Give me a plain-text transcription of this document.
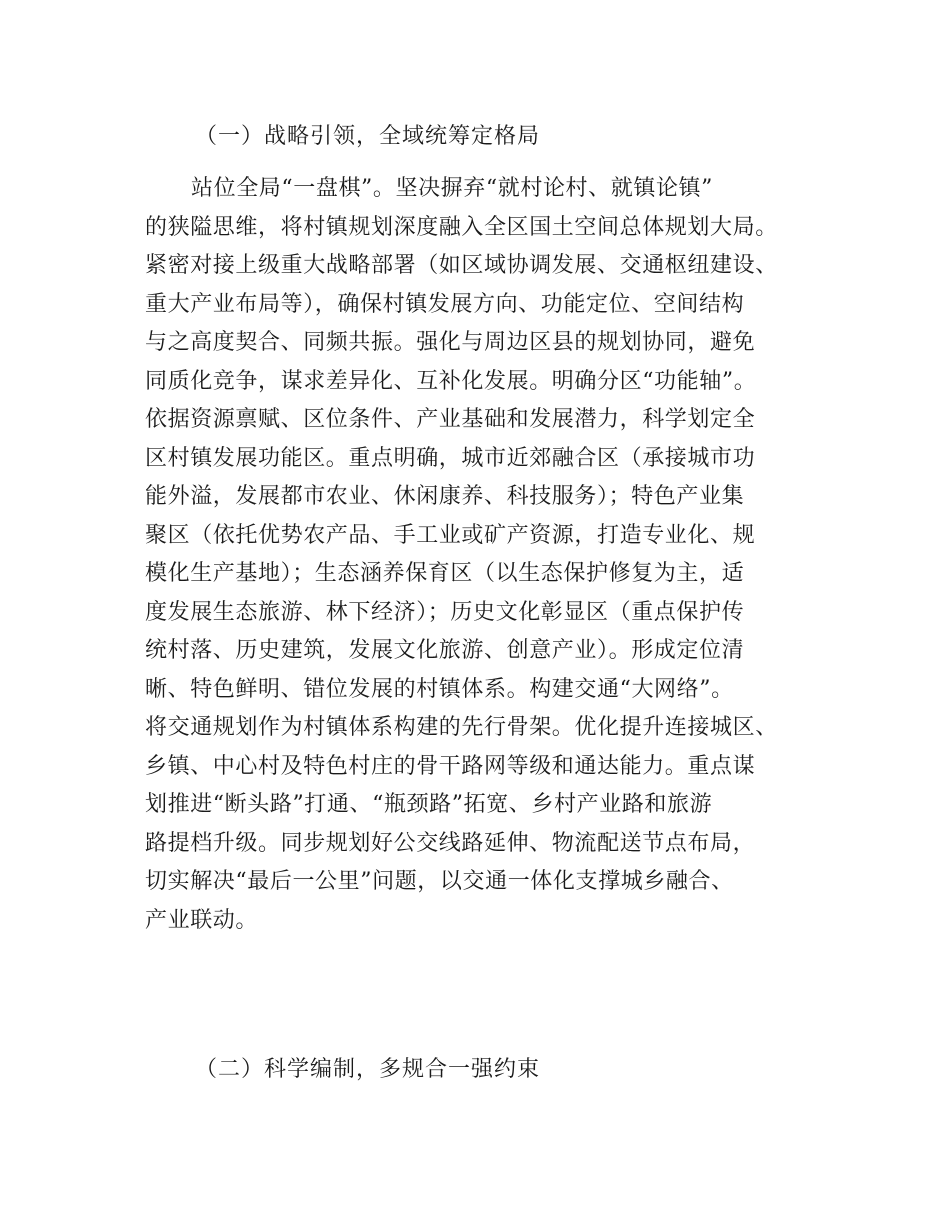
（一）战略引领，全域统筹定格局
站位全局“一盘棋”。坚决摒弃“就村论村、就镇论镇”
的狭隘思维，将村镇规划深度融入全区国土空间总体规划大局。
紧密对接上级重大战略部署（如区域协调发展、交通枢纽建设、
重大产业布局等），确保村镇发展方向、功能定位、空间结构
与之高度契合、同频共振。强化与周边区县的规划协同，避免
同质化竞争，谋求差异化、互补化发展。明确分区“功能轴”。
依据资源禀赋、区位条件、产业基础和发展潜力，科学划定全
区村镇发展功能区。重点明确，城市近郊融合区（承接城市功
能外溢，发展都市农业、休闲康养、科技服务）；特色产业集
聚区（依托优势农产品、手工业或矿产资源，打造专业化、规
模化生产基地）；生态涵养保育区（以生态保护修复为主，适
度发展生态旅游、林下经济）；历史文化彰显区（重点保护传
统村落、历史建筑，发展文化旅游、创意产业）。形成定位清
晰、特色鲜明、错位发展的村镇体系。构建交通“大网络”。
将交通规划作为村镇体系构建的先行骨架。优化提升连接城区、
乡镇、中心村及特色村庄的骨干路网等级和通达能力。重点谋
划推进“断头路”打通、“瓶颈路”拓宽、乡村产业路和旅游
路提档升级。同步规划好公交线路延伸、物流配送节点布局，
切实解决“最后一公里”问题，以交通一体化支撑城乡融合、
产业联动。
（二）科学编制，多规合一强约束
